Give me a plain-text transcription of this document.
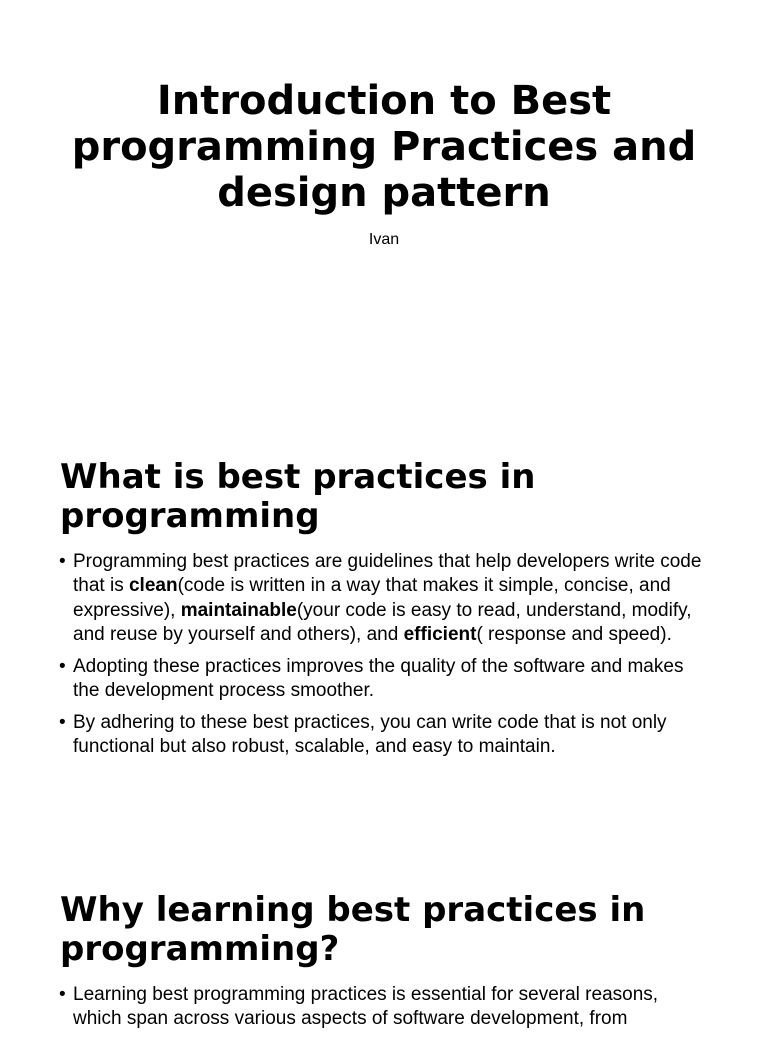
Introduction to Best programming Practices and design pattern
Ivan
What is best practices in programming
• Programming best practices are guidelines that help developers write code that is clean(code is written in a way that makes it simple, concise, and expressive), maintainable(your code is easy to read, understand, modify, and reuse by yourself and others), and efficient( response and speed).
• Adopting these practices improves the quality of the software and makes the development process smoother.
• By adhering to these best practices, you can write code that is not only functional but also robust, scalable, and easy to maintain.
Why learning best practices in programming?
• Learning best programming practices is essential for several reasons, which span across various aspects of software development, from
